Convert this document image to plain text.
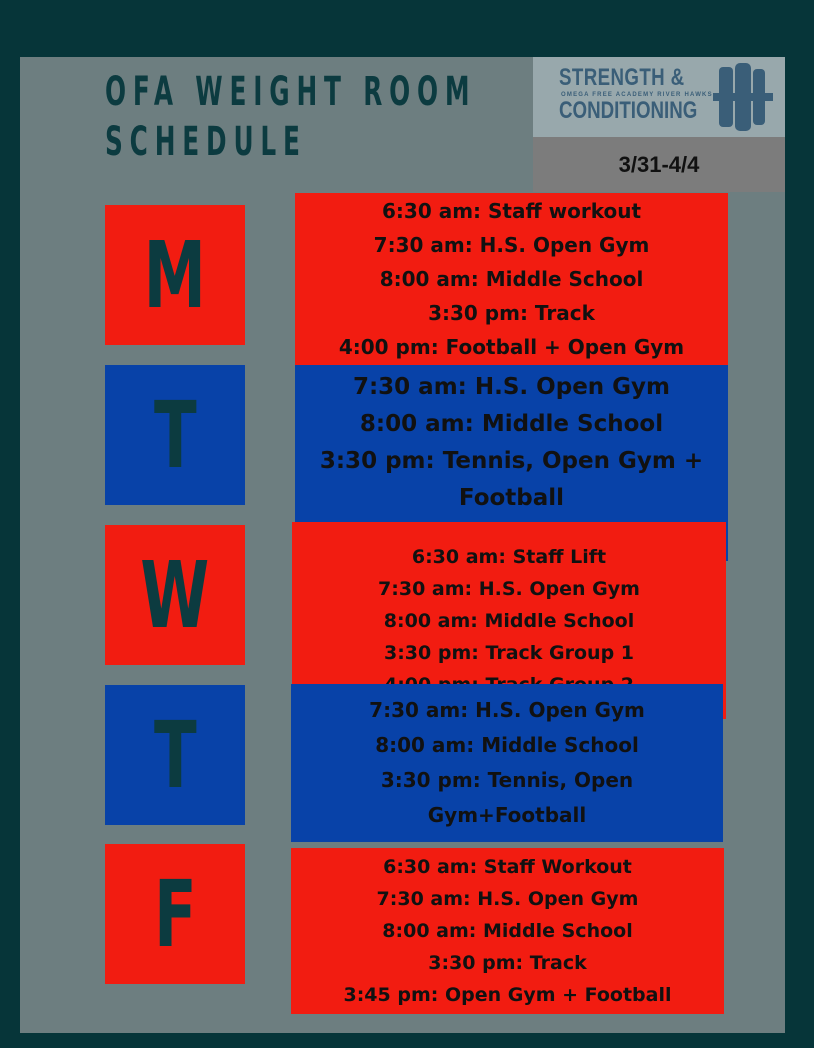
OFA WEIGHT ROOM
SCHEDULE
STRENGTH &
OMEGA FREE ACADEMY RIVER HAWKS
CONDITIONING
3/31-4/4
M
T
W
T
F
7:30 am: H.S. Open Gym
8:00 am: Middle School
3:30 pm: Tennis, Open Gym +
Football
6:30 am: Staff workout
7:30 am: H.S. Open Gym
8:00 am: Middle School
3:30 pm: Track
4:00 pm: Football + Open Gym
6:30 am: Staff Lift
7:30 am: H.S. Open Gym
8:00 am: Middle School
3:30 pm: Track Group 1
7:30 am: H.S. Open Gym
8:00 am: Middle School
3:30 pm: Tennis, Open
Gym+Football
6:30 am: Staff Workout
7:30 am: H.S. Open Gym
8:00 am: Middle School
3:30 pm: Track
3:45 pm: Open Gym + Football
